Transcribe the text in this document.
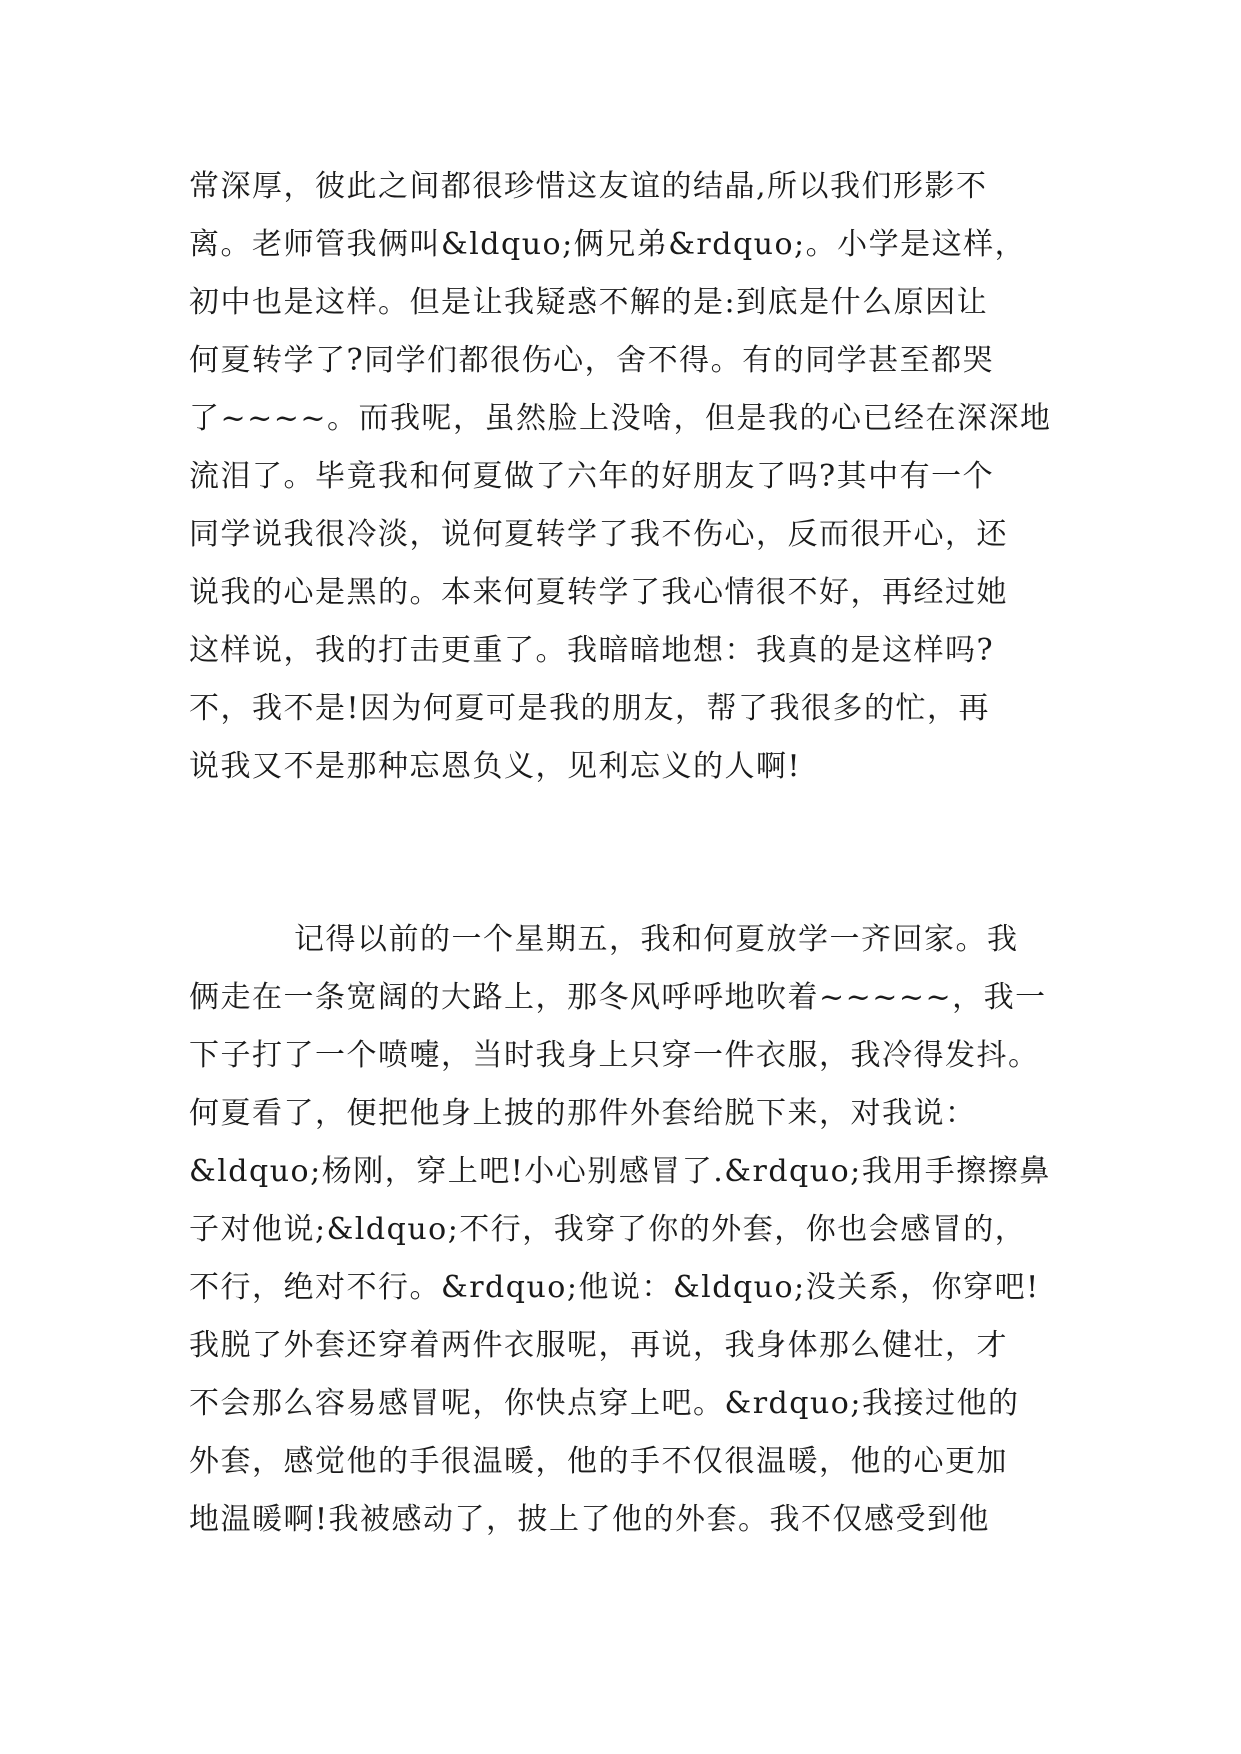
常深厚，彼此之间都很珍惜这友谊的结晶,所以我们形影不
离。老师管我俩叫&ldquo;俩兄弟&rdquo;。小学是这样，
初中也是这样。但是让我疑惑不解的是:到底是什么原因让
何夏转学了?同学们都很伤心，舍不得。有的同学甚至都哭
了~~~~。而我呢，虽然脸上没啥，但是我的心已经在深深地
流泪了。毕竟我和何夏做了六年的好朋友了吗?其中有一个
同学说我很冷淡，说何夏转学了我不伤心，反而很开心，还
说我的心是黑的。本来何夏转学了我心情很不好，再经过她
这样说，我的打击更重了。我暗暗地想：我真的是这样吗?
不，我不是!因为何夏可是我的朋友，帮了我很多的忙，再
说我又不是那种忘恩负义，见利忘义的人啊!
记得以前的一个星期五，我和何夏放学一齐回家。我
俩走在一条宽阔的大路上，那冬风呼呼地吹着~~~~~，我一
下子打了一个喷嚏，当时我身上只穿一件衣服，我冷得发抖。
何夏看了，便把他身上披的那件外套给脱下来，对我说：
&ldquo;杨刚，穿上吧!小心别感冒了.&rdquo;我用手擦擦鼻
子对他说;&ldquo;不行，我穿了你的外套，你也会感冒的，
不行，绝对不行。&rdquo;他说：&ldquo;没关系，你穿吧!
我脱了外套还穿着两件衣服呢，再说，我身体那么健壮，才
不会那么容易感冒呢，你快点穿上吧。&rdquo;我接过他的
外套，感觉他的手很温暖，他的手不仅很温暖，他的心更加
地温暖啊!我被感动了，披上了他的外套。我不仅感受到他
